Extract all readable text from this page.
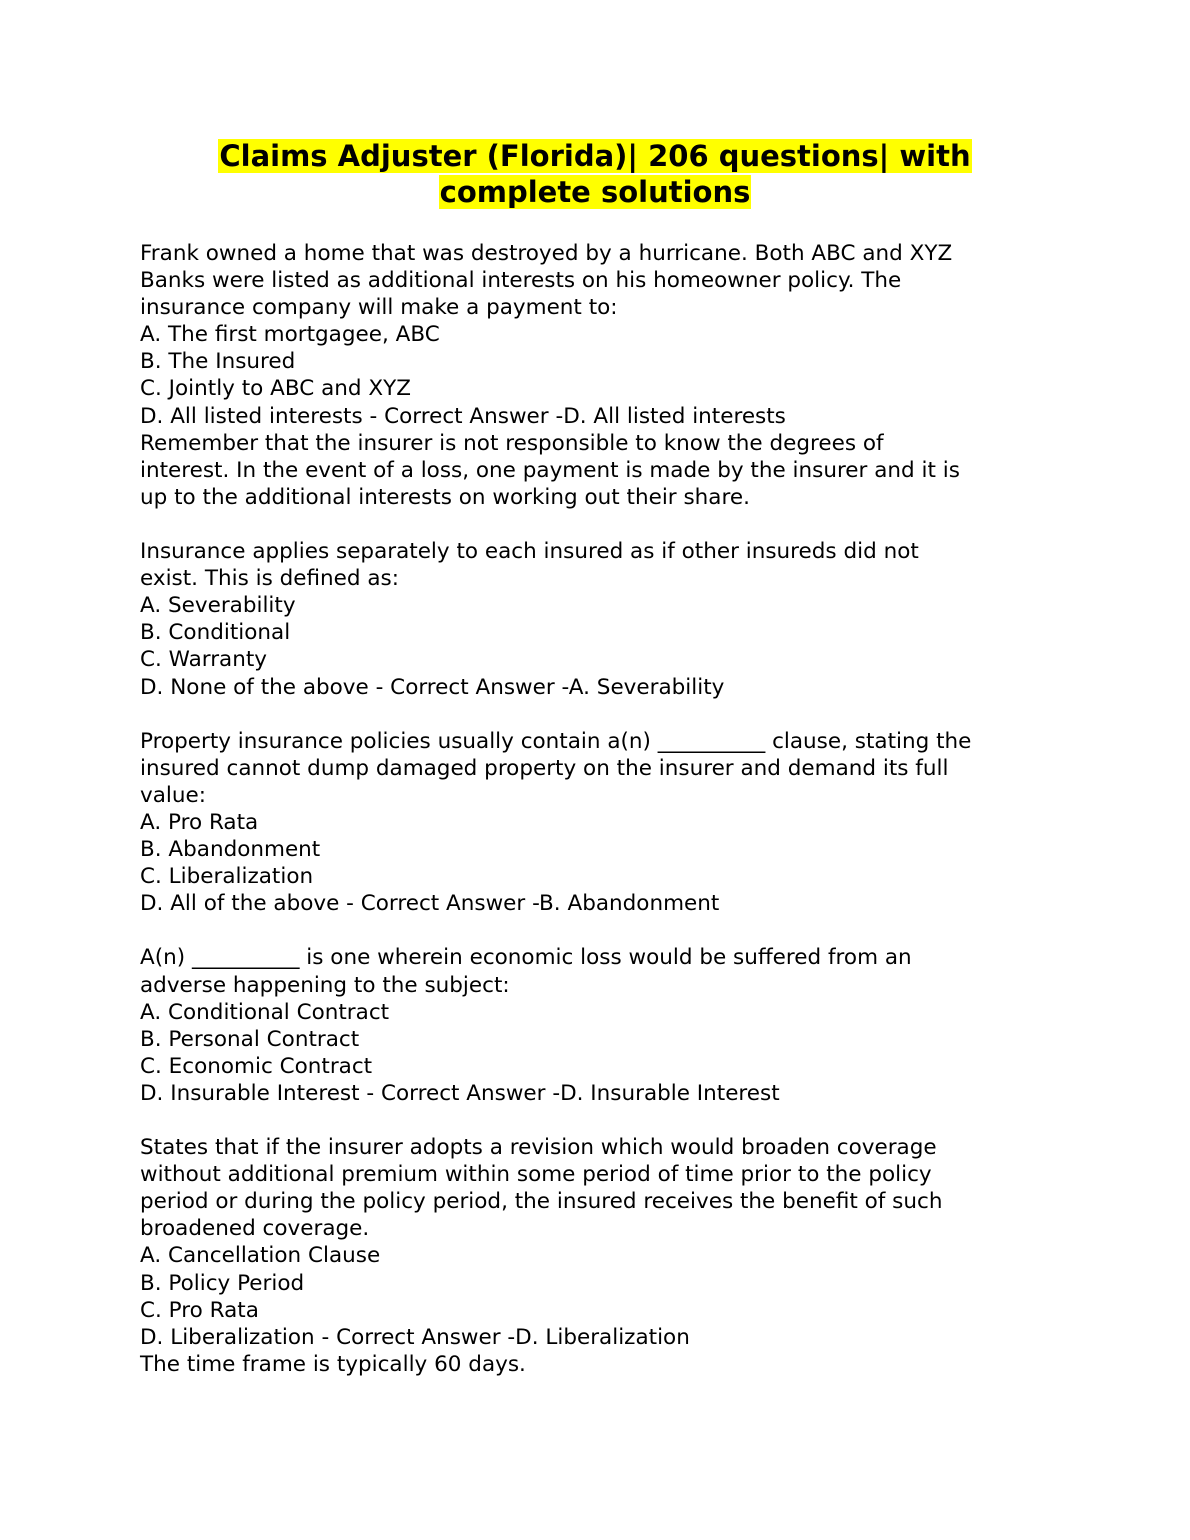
Claims Adjuster (Florida)| 206 questions| with
complete solutions
Frank owned a home that was destroyed by a hurricane. Both ABC and XYZ
Banks were listed as additional interests on his homeowner policy. The
insurance company will make a payment to:
A. The first mortgagee, ABC
B. The Insured
C. Jointly to ABC and XYZ
D. All listed interests - Correct Answer -D. All listed interests
Remember that the insurer is not responsible to know the degrees of
interest. In the event of a loss, one payment is made by the insurer and it is
up to the additional interests on working out their share.
Insurance applies separately to each insured as if other insureds did not
exist. This is defined as:
A. Severability
B. Conditional
C. Warranty
D. None of the above - Correct Answer -A. Severability
Property insurance policies usually contain a(n) __________ clause, stating the
insured cannot dump damaged property on the insurer and demand its full
value:
A. Pro Rata
B. Abandonment
C. Liberalization
D. All of the above - Correct Answer -B. Abandonment
A(n) __________ is one wherein economic loss would be suffered from an
adverse happening to the subject:
A. Conditional Contract
B. Personal Contract
C. Economic Contract
D. Insurable Interest - Correct Answer -D. Insurable Interest
States that if the insurer adopts a revision which would broaden coverage
without additional premium within some period of time prior to the policy
period or during the policy period, the insured receives the benefit of such
broadened coverage.
A. Cancellation Clause
B. Policy Period
C. Pro Rata
D. Liberalization - Correct Answer -D. Liberalization
The time frame is typically 60 days.
